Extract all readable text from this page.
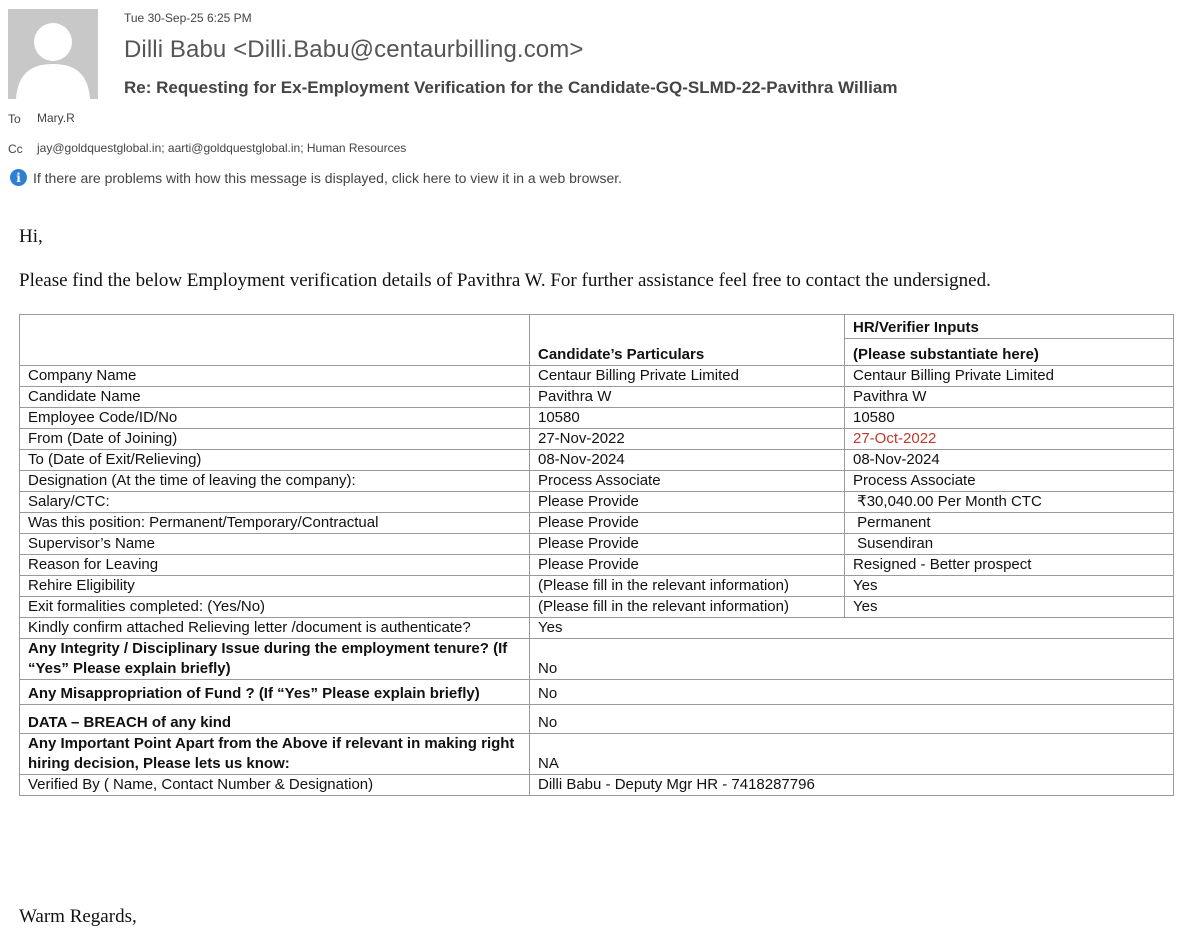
Tue 30-Sep-25 6:25 PM
Dilli Babu <Dilli.Babu@centaurbilling.com>
Re: Requesting for Ex-Employment Verification for the Candidate-GQ-SLMD-22-Pavithra William
To Mary.R
Cc jay@goldquestglobal.in; aarti@goldquestglobal.in; Human Resources
i If there are problems with how this message is displayed, click here to view it in a web browser.
Hi,
Please find the below Employment verification details of Pavithra W. For further assistance feel free to contact the undersigned.
	Candidate’s Particulars	HR/Verifier Inputs
		(Please substantiate here)
Company Name	Centaur Billing Private Limited	Centaur Billing Private Limited
Candidate Name	Pavithra W	Pavithra W
Employee Code/ID/No	10580	10580
From (Date of Joining)	27-Nov-2022	27-Oct-2022
To (Date of Exit/Relieving)	08-Nov-2024	08-Nov-2024
Designation (At the time of leaving the company):	Process Associate	Process Associate
Salary/CTC:	Please Provide	₹30,040.00 Per Month CTC
Was this position: Permanent/Temporary/Contractual	Please Provide	Permanent
Supervisor’s Name	Please Provide	Susendiran
Reason for Leaving	Please Provide	Resigned - Better prospect
Rehire Eligibility	(Please fill in the relevant information)	Yes
Exit formalities completed: (Yes/No)	(Please fill in the relevant information)	Yes
Kindly confirm attached Relieving letter /document is authenticate?	Yes	
Any Integrity / Disciplinary Issue during the employment tenure? (If “Yes” Please explain briefly)	No	
Any Misappropriation of Fund ? (If “Yes” Please explain briefly)	No	
DATA – BREACH of any kind	No	
Any Important Point Apart from the Above if relevant in making right hiring decision, Please lets us know:	NA	
Verified By ( Name, Contact Number & Designation)	Dilli Babu - Deputy Mgr HR - 7418287796	
Warm Regards,
